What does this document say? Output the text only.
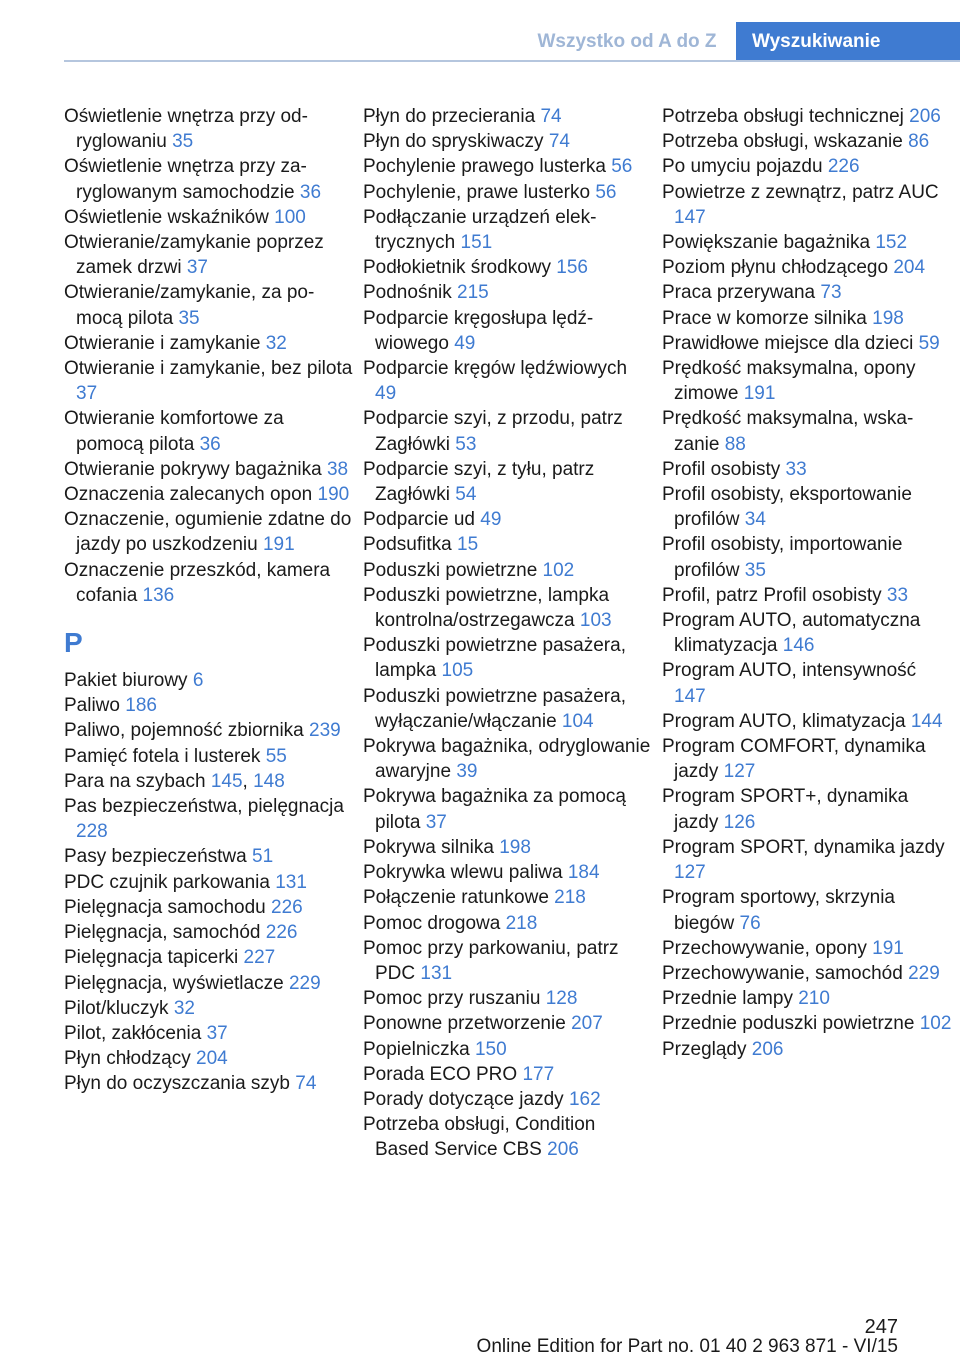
Wszystko od A do Z	Wyszukiwanie
Oświetlenie wnętrza przy odryglowaniu 35
Oświetlenie wnętrza przy zaryglowanym samochodzie 36
Oświetlenie wskaźników 100
Otwieranie/zamykanie poprzez zamek drzwi 37
Otwieranie/zamykanie, za pomocą pilota 35
Otwieranie i zamykanie 32
Otwieranie i zamykanie, bez pilota 37
Otwieranie komfortowe za pomocą pilota 36
Otwieranie pokrywy bagażnika 38
Oznaczenia zalecanych opon 190
Oznaczenie, ogumienie zdatne do jazdy po uszkodzeniu 191
Oznaczenie przeszkód, kamera cofania 136
P
Pakiet biurowy 6
Paliwo 186
Paliwo, pojemność zbiornika 239
Pamięć fotela i lusterek 55
Para na szybach 145, 148
Pas bezpieczeństwa, pielęgnacja 228
Pasy bezpieczeństwa 51
PDC czujnik parkowania 131
Pielęgnacja samochodu 226
Pielęgnacja, samochód 226
Pielęgnacja tapicerki 227
Pielęgnacja, wyświetlacze 229
Pilot/kluczyk 32
Pilot, zakłócenia 37
Płyn chłodzący 204
Płyn do oczyszczania szyb 74
Płyn do przecierania 74
Płyn do spryskiwaczy 74
Pochylenie prawego lusterka 56
Pochylenie, prawe lusterko 56
Podłączanie urządzeń elektrycznych 151
Podłokietnik środkowy 156
Podnośnik 215
Podparcie kręgosłupa lędźwiowego 49
Podparcie kręgów lędźwiowych 49
Podparcie szyi, z przodu, patrz Zagłówki 53
Podparcie szyi, z tyłu, patrz Zagłówki 54
Podparcie ud 49
Podsufitka 15
Poduszki powietrzne 102
Poduszki powietrzne, lampka kontrolna/ostrzegawcza 103
Poduszki powietrzne pasażera, lampka 105
Poduszki powietrzne pasażera, wyłączanie/włączanie 104
Pokrywa bagażnika, odryglowanie awaryjne 39
Pokrywa bagażnika za pomocą pilota 37
Pokrywa silnika 198
Pokrywka wlewu paliwa 184
Połączenie ratunkowe 218
Pomoc drogowa 218
Pomoc przy parkowaniu, patrz PDC 131
Pomoc przy ruszaniu 128
Ponowne przetworzenie 207
Popielniczka 150
Porada ECO PRO 177
Porady dotyczące jazdy 162
Potrzeba obsługi, Condition Based Service CBS 206
Potrzeba obsługi technicznej 206
Potrzeba obsługi, wskazanie 86
Po umyciu pojazdu 226
Powietrze z zewnątrz, patrz AUC 147
Powiększanie bagażnika 152
Poziom płynu chłodzącego 204
Praca przerywana 73
Prace w komorze silnika 198
Prawidłowe miejsce dla dzieci 59
Prędkość maksymalna, opony zimowe 191
Prędkość maksymalna, wskazanie 88
Profil osobisty 33
Profil osobisty, eksportowanie profilów 34
Profil osobisty, importowanie profilów 35
Profil, patrz Profil osobisty 33
Program AUTO, automatyczna klimatyzacja 146
Program AUTO, intensywność 147
Program AUTO, klimatyzacja 144
Program COMFORT, dynamika jazdy 127
Program SPORT+, dynamika jazdy 126
Program SPORT, dynamika jazdy 127
Program sportowy, skrzynia biegów 76
Przechowywanie, opony 191
Przechowywanie, samochód 229
Przednie lampy 210
Przednie poduszki powietrzne 102
Przeglądy 206
247
Online Edition for Part no. 01 40 2 963 871 - VI/15
